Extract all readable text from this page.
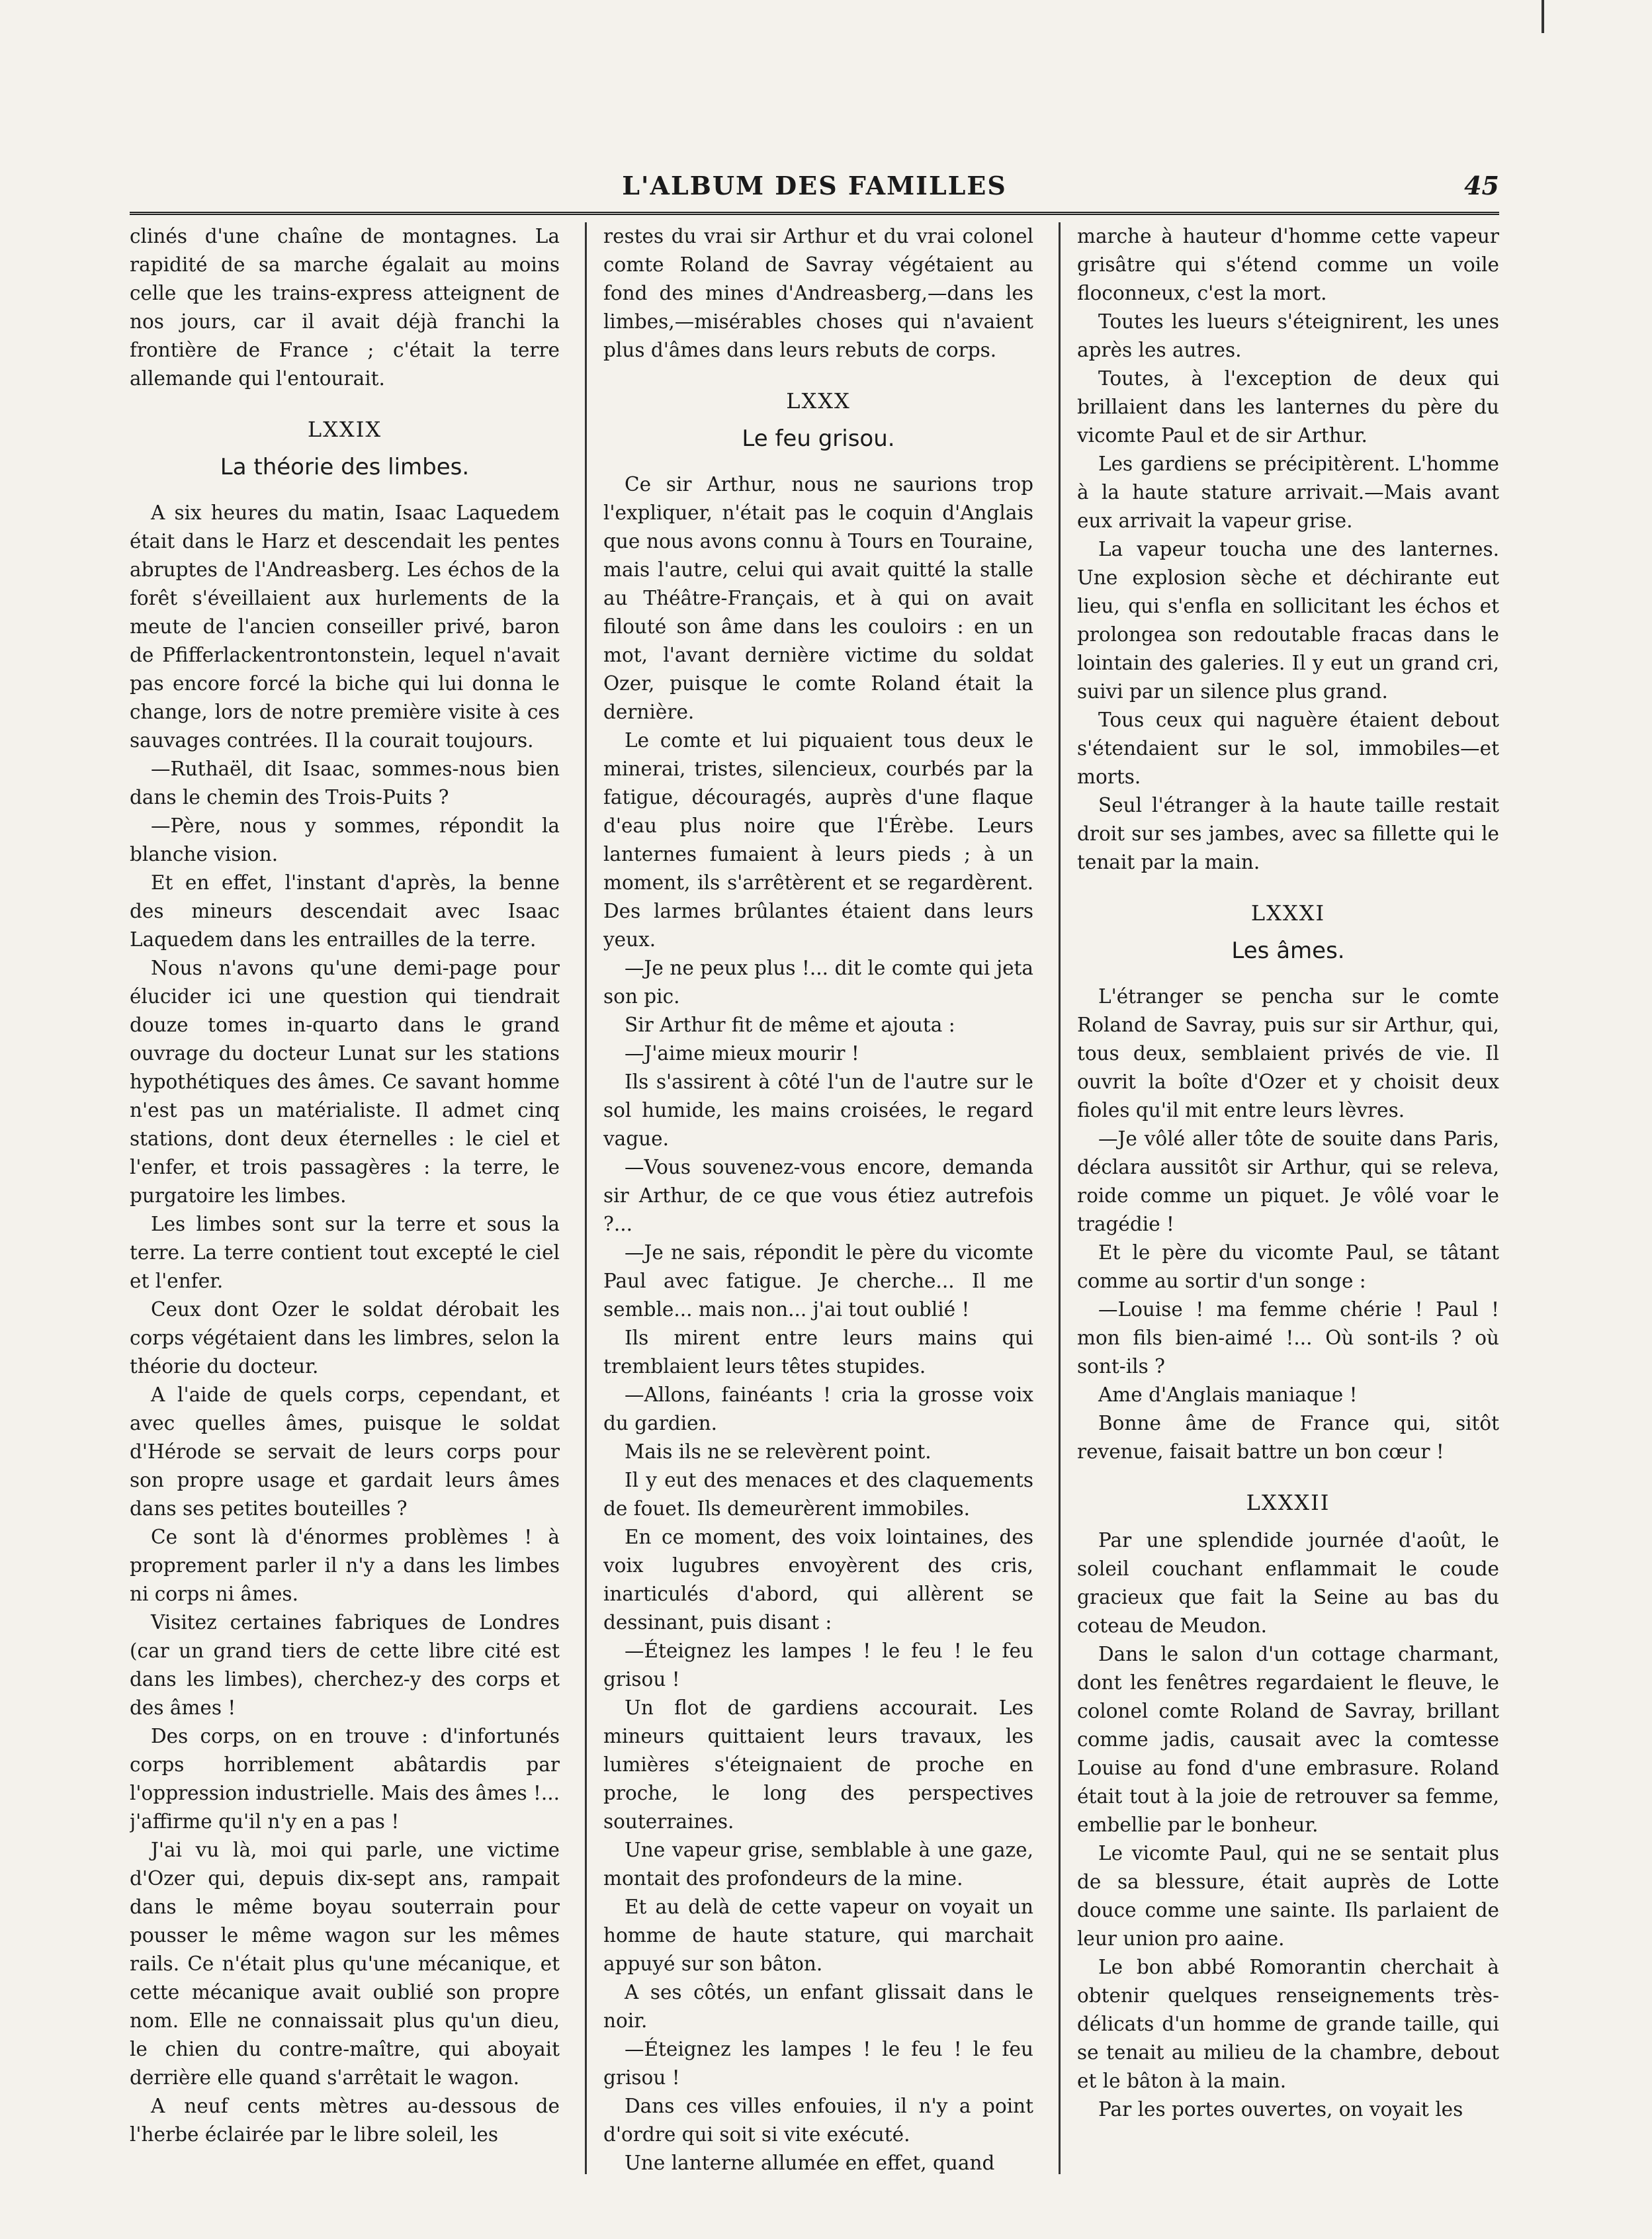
L'ALBUM DES FAMILLES	45

clinés d'une chaîne de montagnes. La rapidité de sa marche égalait au moins celle que les trains-express atteignent de nos jours, car il avait déjà franchi la frontière de France ; c'était la terre allemande qui l'entourait.

LXXIX
La théorie des limbes.

A six heures du matin, Isaac Laquedem était dans le Harz et descendait les pentes abruptes de l'Andreasberg. Les échos de la forêt s'éveillaient aux hurlements de la meute de l'ancien conseiller privé, baron de Pfifferlackentrontonstein, lequel n'avait pas encore forcé la biche qui lui donna le change, lors de notre première visite à ces sauvages contrées. Il la courait toujours.

—Ruthaël, dit Isaac, sommes-nous bien dans le chemin des Trois-Puits ?

—Père, nous y sommes, répondit la blanche vision.

Et en effet, l'instant d'après, la benne des mineurs descendait avec Isaac Laquedem dans les entrailles de la terre.

Nous n'avons qu'une demi-page pour élucider ici une question qui tiendrait douze tomes in-quarto dans le grand ouvrage du docteur Lunat sur les stations hypothétiques des âmes. Ce savant homme n'est pas un matérialiste. Il admet cinq stations, dont deux éternelles : le ciel et l'enfer, et trois passagères : la terre, le purgatoire les limbes.

Les limbes sont sur la terre et sous la terre. La terre contient tout excepté le ciel et l'enfer.

Ceux dont Ozer le soldat dérobait les corps végétaient dans les limbres, selon la théorie du docteur.

A l'aide de quels corps, cependant, et avec quelles âmes, puisque le soldat d'Hérode se servait de leurs corps pour son propre usage et gardait leurs âmes dans ses petites bouteilles ?

Ce sont là d'énormes problèmes ! à proprement parler il n'y a dans les limbes ni corps ni âmes.

Visitez certaines fabriques de Londres (car un grand tiers de cette libre cité est dans les limbes), cherchez-y des corps et des âmes !

Des corps, on en trouve : d'infortunés corps horriblement abâtardis par l'oppression industrielle. Mais des âmes !... j'affirme qu'il n'y en a pas !

J'ai vu là, moi qui parle, une victime d'Ozer qui, depuis dix-sept ans, rampait dans le même boyau souterrain pour pousser le même wagon sur les mêmes rails. Ce n'était plus qu'une mécanique, et cette mécanique avait oublié son propre nom. Elle ne connaissait plus qu'un dieu, le chien du contre-maître, qui aboyait derrière elle quand s'arrêtait le wagon.

A neuf cents mètres au-dessous de l'herbe éclairée par le libre soleil, les

restes du vrai sir Arthur et du vrai colonel comte Roland de Savray végétaient au fond des mines d'Andreasberg,—dans les limbes,—misérables choses qui n'avaient plus d'âmes dans leurs rebuts de corps.

LXXX
Le feu grisou.

Ce sir Arthur, nous ne saurions trop l'expliquer, n'était pas le coquin d'Anglais que nous avons connu à Tours en Touraine, mais l'autre, celui qui avait quitté la stalle au Théâtre-Français, et à qui on avait filouté son âme dans les couloirs : en un mot, l'avant dernière victime du soldat Ozer, puisque le comte Roland était la dernière.

Le comte et lui piquaient tous deux le minerai, tristes, silencieux, courbés par la fatigue, découragés, auprès d'une flaque d'eau plus noire que l'Érèbe. Leurs lanternes fumaient à leurs pieds ; à un moment, ils s'arrêtèrent et se regardèrent. Des larmes brûlantes étaient dans leurs yeux.

—Je ne peux plus !... dit le comte qui jeta son pic.

Sir Arthur fit de même et ajouta :

—J'aime mieux mourir !

Ils s'assirent à côté l'un de l'autre sur le sol humide, les mains croisées, le regard vague.

—Vous souvenez-vous encore, demanda sir Arthur, de ce que vous étiez autrefois ?...

—Je ne sais, répondit le père du vicomte Paul avec fatigue. Je cherche... Il me semble... mais non... j'ai tout oublié !

Ils mirent entre leurs mains qui tremblaient leurs têtes stupides.

—Allons, fainéants ! cria la grosse voix du gardien.

Mais ils ne se relevèrent point.

Il y eut des menaces et des claquements de fouet. Ils demeurèrent immobiles.

En ce moment, des voix lointaines, des voix lugubres envoyèrent des cris, inarticulés d'abord, qui allèrent se dessinant, puis disant :

—Éteignez les lampes ! le feu ! le feu grisou !

Un flot de gardiens accourait. Les mineurs quittaient leurs travaux, les lumières s'éteignaient de proche en proche, le long des perspectives souterraines.

Une vapeur grise, semblable à une gaze, montait des profondeurs de la mine.

Et au delà de cette vapeur on voyait un homme de haute stature, qui marchait appuyé sur son bâton.

A ses côtés, un enfant glissait dans le noir.

—Éteignez les lampes ! le feu ! le feu grisou !

Dans ces villes enfouies, il n'y a point d'ordre qui soit si vite exécuté.

Une lanterne allumée en effet, quand

marche à hauteur d'homme cette vapeur grisâtre qui s'étend comme un voile floconneux, c'est la mort.

Toutes les lueurs s'éteignirent, les unes après les autres.

Toutes, à l'exception de deux qui brillaient dans les lanternes du père du vicomte Paul et de sir Arthur.

Les gardiens se précipitèrent. L'homme à la haute stature arrivait.—Mais avant eux arrivait la vapeur grise.

La vapeur toucha une des lanternes. Une explosion sèche et déchirante eut lieu, qui s'enfla en sollicitant les échos et prolongea son redoutable fracas dans le lointain des galeries. Il y eut un grand cri, suivi par un silence plus grand.

Tous ceux qui naguère étaient debout s'étendaient sur le sol, immobiles—et morts.

Seul l'étranger à la haute taille restait droit sur ses jambes, avec sa fillette qui le tenait par la main.

LXXXI
Les âmes.

L'étranger se pencha sur le comte Roland de Savray, puis sur sir Arthur, qui, tous deux, semblaient privés de vie. Il ouvrit la boîte d'Ozer et y choisit deux fioles qu'il mit entre leurs lèvres.

—Je vôlé aller tôte de souite dans Paris, déclara aussitôt sir Arthur, qui se releva, roide comme un piquet. Je vôlé voar le tragédie !

Et le père du vicomte Paul, se tâtant comme au sortir d'un songe :

—Louise ! ma femme chérie ! Paul ! mon fils bien-aimé !... Où sont-ils ? où sont-ils ?

Ame d'Anglais maniaque !

Bonne âme de France qui, sitôt revenue, faisait battre un bon cœur !

LXXXII

Par une splendide journée d'août, le soleil couchant enflammait le coude gracieux que fait la Seine au bas du coteau de Meudon.

Dans le salon d'un cottage charmant, dont les fenêtres regardaient le fleuve, le colonel comte Roland de Savray, brillant comme jadis, causait avec la comtesse Louise au fond d'une embrasure. Roland était tout à la joie de retrouver sa femme, embellie par le bonheur.

Le vicomte Paul, qui ne se sentait plus de sa blessure, était auprès de Lotte douce comme une sainte. Ils parlaient de leur union pro aaine.

Le bon abbé Romorantin cherchait à obtenir quelques renseignements très-délicats d'un homme de grande taille, qui se tenait au milieu de la chambre, debout et le bâton à la main.

Par les portes ouvertes, on voyait les
